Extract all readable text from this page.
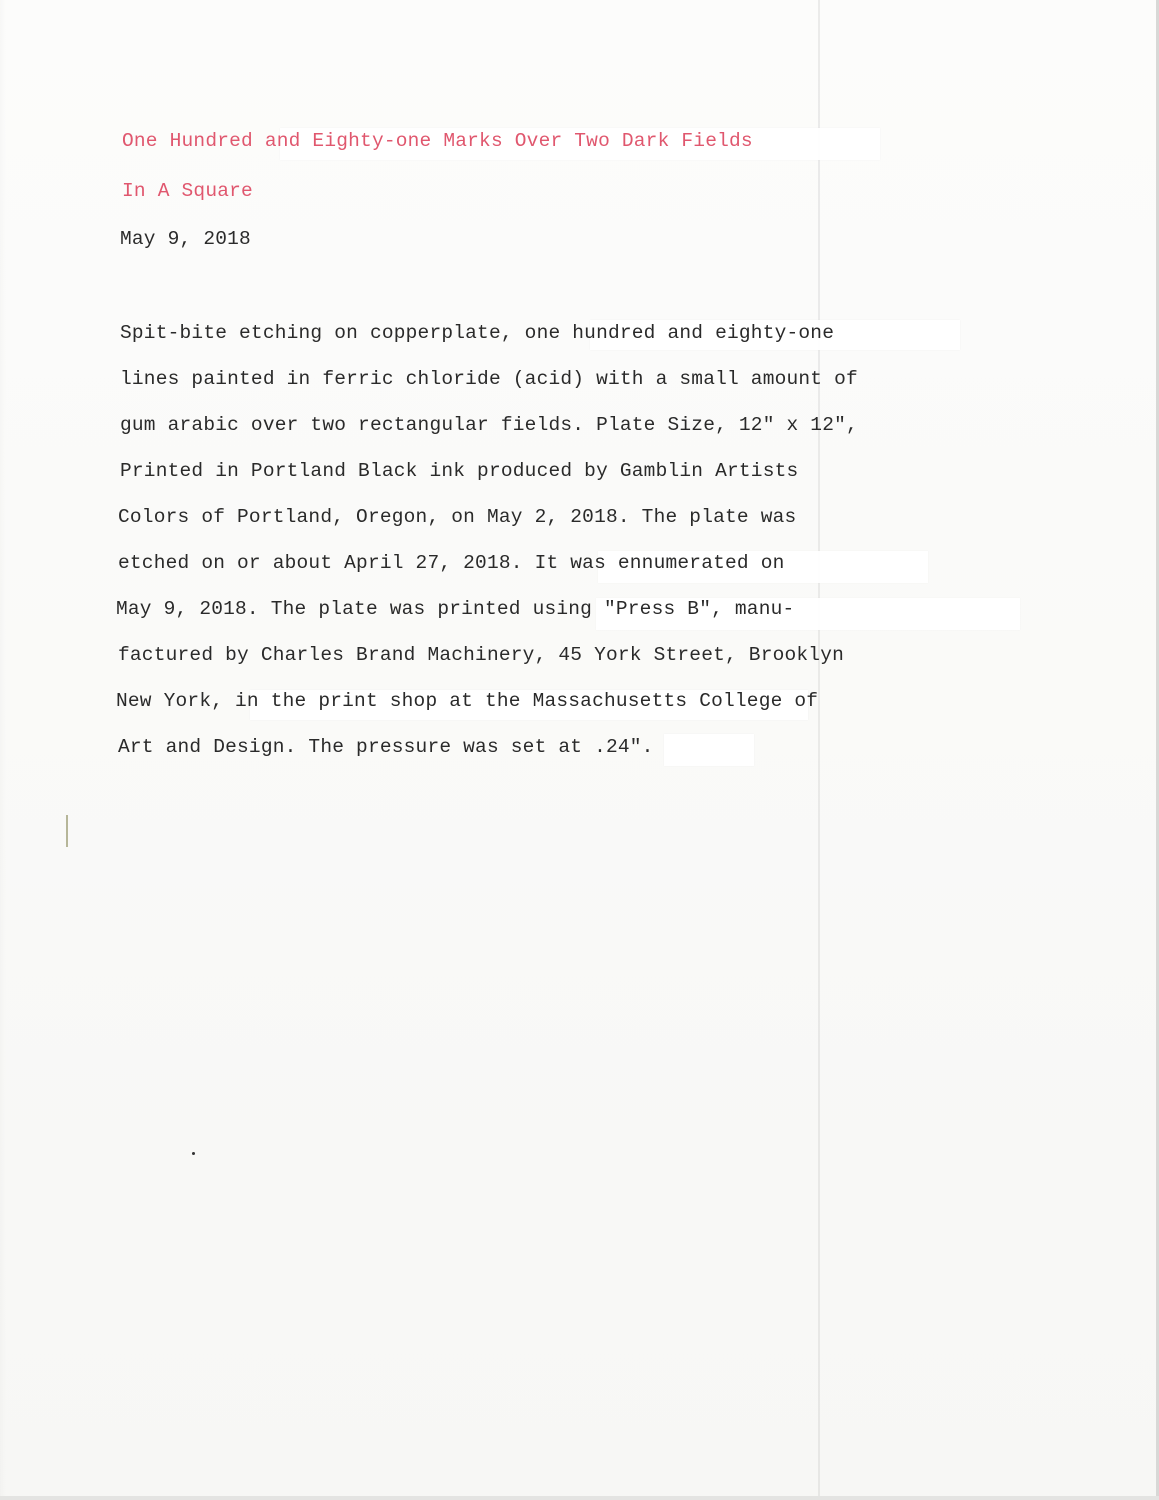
One Hundred and Eighty-one Marks Over Two Dark Fields

In A Square

May 9, 2018

Spit-bite etching on copperplate, one hundred and eighty-one

lines painted in ferric chloride (acid) with a small amount of

gum arabic over two rectangular fields. Plate Size, 12" x 12",

Printed in Portland Black ink produced by Gamblin Artists

Colors of Portland, Oregon, on May 2, 2018. The plate was

etched on or about April 27, 2018. It was ennumerated on

May 9, 2018. The plate was printed using "Press B", manu-

factured by Charles Brand Machinery, 45 York Street, Brooklyn

New York, in the print shop at the Massachusetts College of

Art and Design. The pressure was set at .24".
